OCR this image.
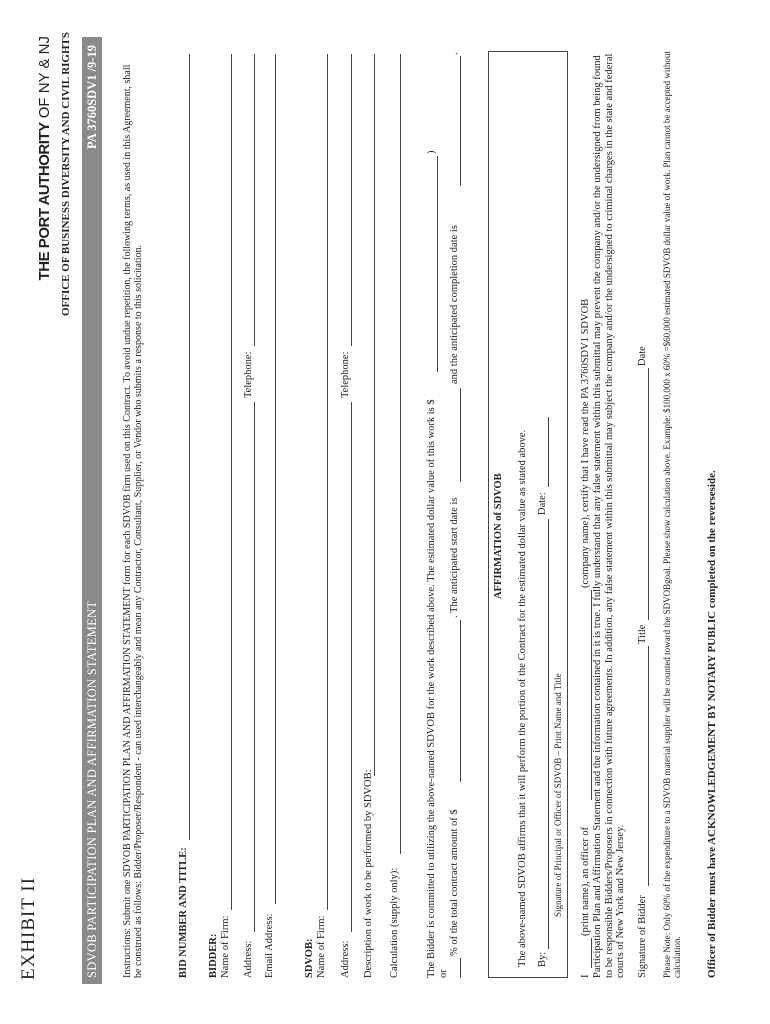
EXHIBIT II
THE PORT AUTHORITY OF NY & NJ OFFICE OF BUSINESS DIVERSITY AND CIVIL RIGHTS
SDVOB PARTICIPATION PLAN AND AFFIRMATION STATEMENT
PA 3760SDV1 /9-19 Instructions: Submit one SDVOB PARTICIPATION PLAN AND AFFIRMATION STATEMENT form for each SDVOB firm used on this Contract. To avoid undue repetition, the following terms, as used in this Agreement, shall be construed as follows: Bidder/Proposer/Respondent - can used interchangeably and mean any Contractor, Consultant, Supplier, or Vendor who submits a response to this solicitation.	BID NUMBER AND TITLE: BIDDER: Name of Firm: Address:
Telephone:
Email Address:	SDVOB: Name of Firm: Address:
Telephone:
Description of work to be performed by SDVOB: Calculation (supply only): The Bidder is committed to utilizing the above-named SDVOB for the work described above. The estimated dollar value of this work is $
)
or
% of the total contract amount of $
. The anticipated start date is
and the anticipated completion date is
.
AFFIRMATION of SDVOB The above-named SDVOB affirms that it will perform the portion of the Contract for the estimated dollar value as stated above. By:
Date:
Signature of Principal or Officer of SDVOB – Print Name and Title
I
(print name), an officer of
(company name), certify that I have read the PA 3760SDV1 SDVOB Participation Plan and Affirmation Statement and the information contained in it is true. I fully understand that any false statement within this submittal may prevent the company and/or the undersigned from being found to be responsible Bidders/Proposers in connection with future agreements. In addition, any false statement within this submittal may subject the company and/or the undersigned to criminal charges in the state and federal courts of New York and New Jersey. Signature of Bidder
Title
Date Please Note: Only 60% of the expenditure to a SDVOB material supplier will be counted toward the SDVOBgoal. Please show calculation above. Example: $100,000 x 60% =$60,000 estimated SDVOB dollar value of work. Plan cannot be accepted without calculation. Officer of Bidder must have ACKNOWLEDGEMENT BY NOTARY PUBLIC completed on the reverseside.
